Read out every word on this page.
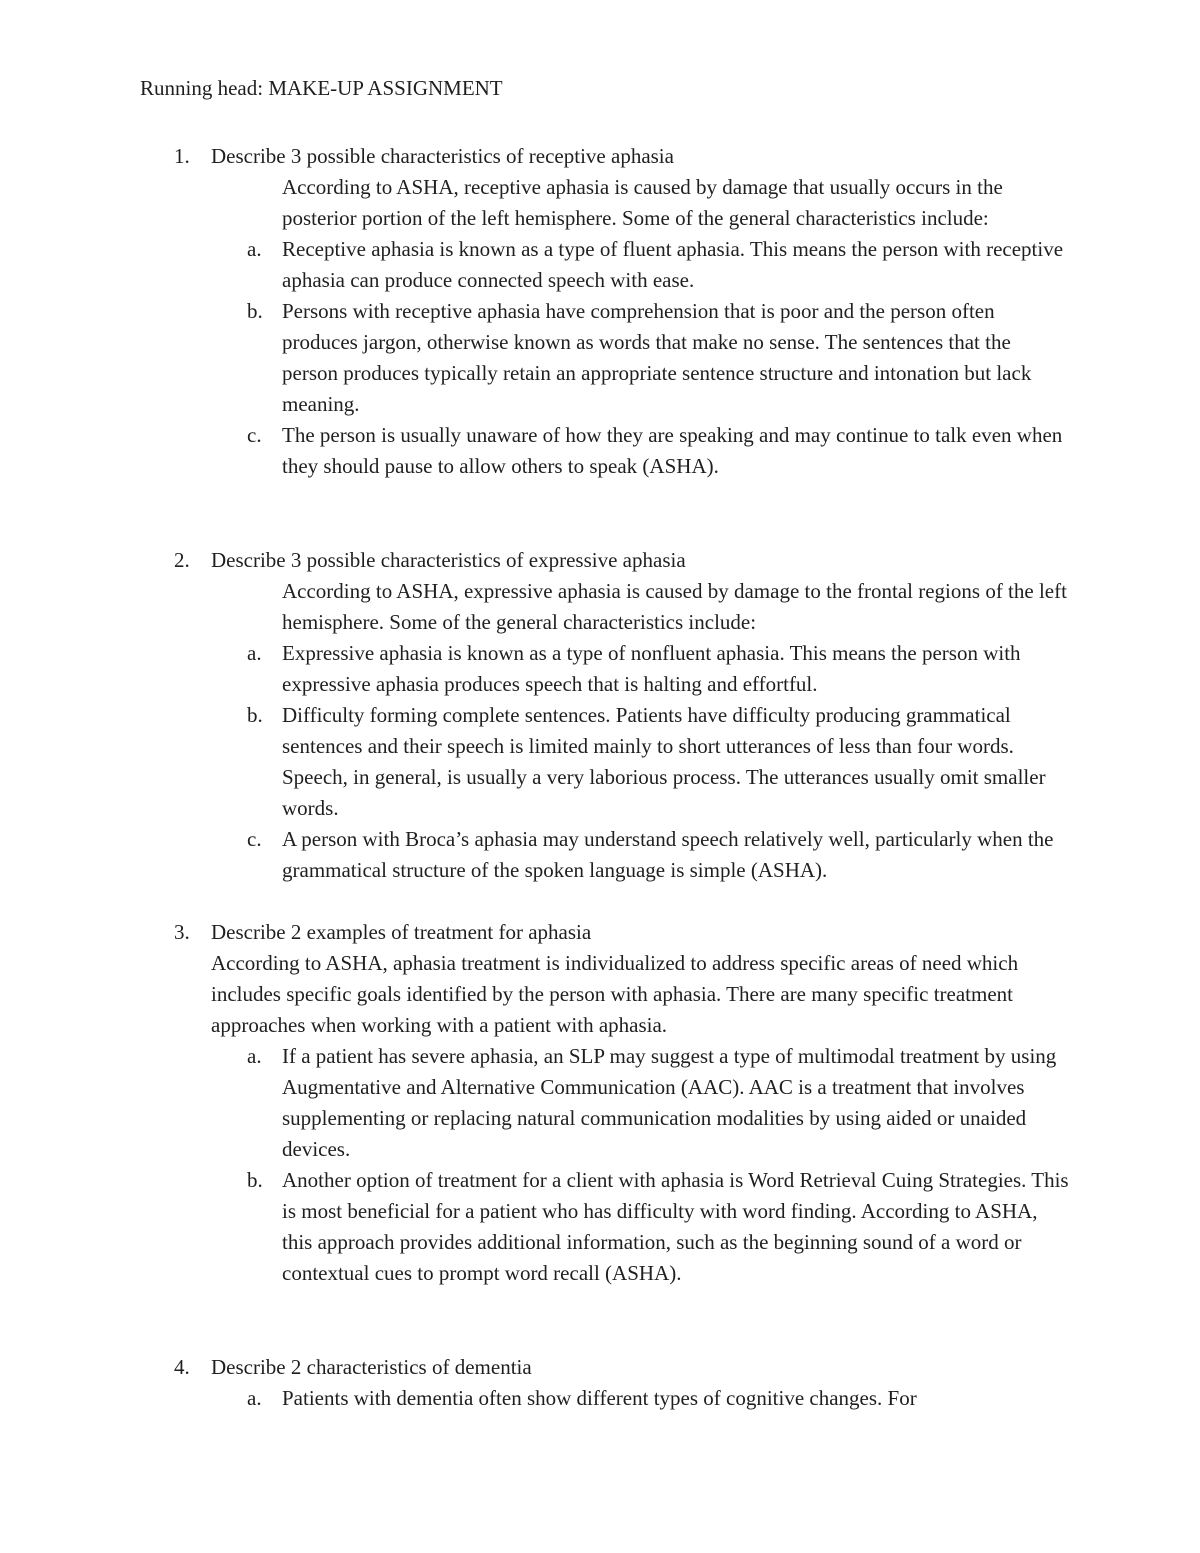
Running head: MAKE-UP ASSIGNMENT
1. Describe 3 possible characteristics of receptive aphasia
According to ASHA, receptive aphasia is caused by damage that usually occurs in the posterior portion of the left hemisphere. Some of the general characteristics include:
a. Receptive aphasia is known as a type of fluent aphasia. This means the person with receptive aphasia can produce connected speech with ease.
b. Persons with receptive aphasia have comprehension that is poor and the person often produces jargon, otherwise known as words that make no sense. The sentences that the person produces typically retain an appropriate sentence structure and intonation but lack meaning.
c. The person is usually unaware of how they are speaking and may continue to talk even when they should pause to allow others to speak (ASHA).
2. Describe 3 possible characteristics of expressive aphasia
According to ASHA, expressive aphasia is caused by damage to the frontal regions of the left hemisphere. Some of the general characteristics include:
a. Expressive aphasia is known as a type of nonfluent aphasia. This means the person with expressive aphasia produces speech that is halting and effortful.
b. Difficulty forming complete sentences. Patients have difficulty producing grammatical sentences and their speech is limited mainly to short utterances of less than four words. Speech, in general, is usually a very laborious process. The utterances usually omit smaller words.
c. A person with Broca’s aphasia may understand speech relatively well, particularly when the grammatical structure of the spoken language is simple (ASHA).
3. Describe 2 examples of treatment for aphasia
According to ASHA, aphasia treatment is individualized to address specific areas of need which includes specific goals identified by the person with aphasia. There are many specific treatment approaches when working with a patient with aphasia.
a. If a patient has severe aphasia, an SLP may suggest a type of multimodal treatment by using Augmentative and Alternative Communication (AAC). AAC is a treatment that involves supplementing or replacing natural communication modalities by using aided or unaided devices.
b. Another option of treatment for a client with aphasia is Word Retrieval Cuing Strategies. This is most beneficial for a patient who has difficulty with word finding. According to ASHA, this approach provides additional information, such as the beginning sound of a word or contextual cues to prompt word recall (ASHA).
4. Describe 2 characteristics of dementia
a. Patients with dementia often show different types of cognitive changes. For
